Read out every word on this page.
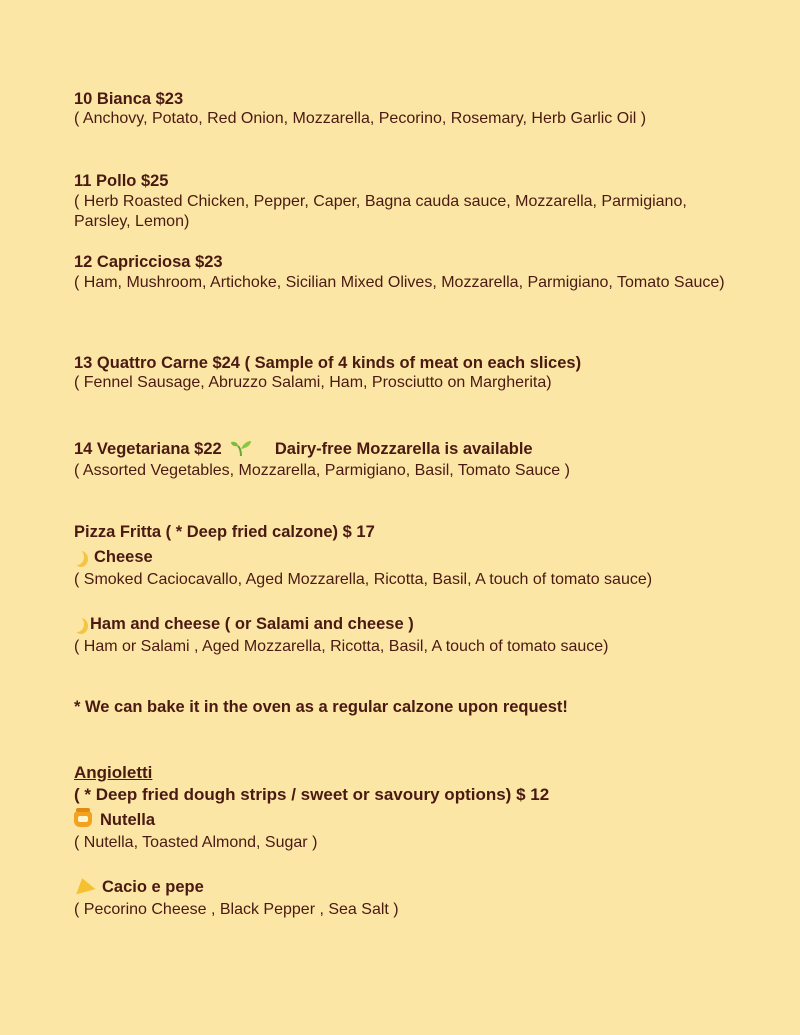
10 Bianca $23
( Anchovy, Potato, Red Onion, Mozzarella, Pecorino, Rosemary, Herb Garlic Oil )
11 Pollo $25
( Herb Roasted Chicken, Pepper, Caper, Bagna cauda sauce, Mozzarella, Parmigiano, Parsley, Lemon)
12 Capricciosa $23
( Ham, Mushroom, Artichoke, Sicilian Mixed Olives, Mozzarella, Parmigiano, Tomato Sauce)
13 Quattro Carne $24 ( Sample of 4 kinds of meat on each slices)
( Fennel Sausage, Abruzzo Salami, Ham, Prosciutto on Margherita)
14 Vegetariana $22	Dairy-free Mozzarella is available
( Assorted Vegetables, Mozzarella, Parmigiano, Basil, Tomato Sauce )
Pizza Fritta ( * Deep fried calzone) $ 17
Cheese
( Smoked Caciocavallo, Aged Mozzarella, Ricotta, Basil, A touch of tomato sauce)
Ham and cheese ( or Salami and cheese )
( Ham or Salami , Aged Mozzarella, Ricotta, Basil, A touch of tomato sauce)
* We can bake it in the oven as a regular calzone upon request!
Angioletti
( * Deep fried dough strips / sweet or savoury options) $ 12
Nutella
( Nutella, Toasted Almond, Sugar )
Cacio e pepe
( Pecorino Cheese , Black Pepper , Sea Salt )
